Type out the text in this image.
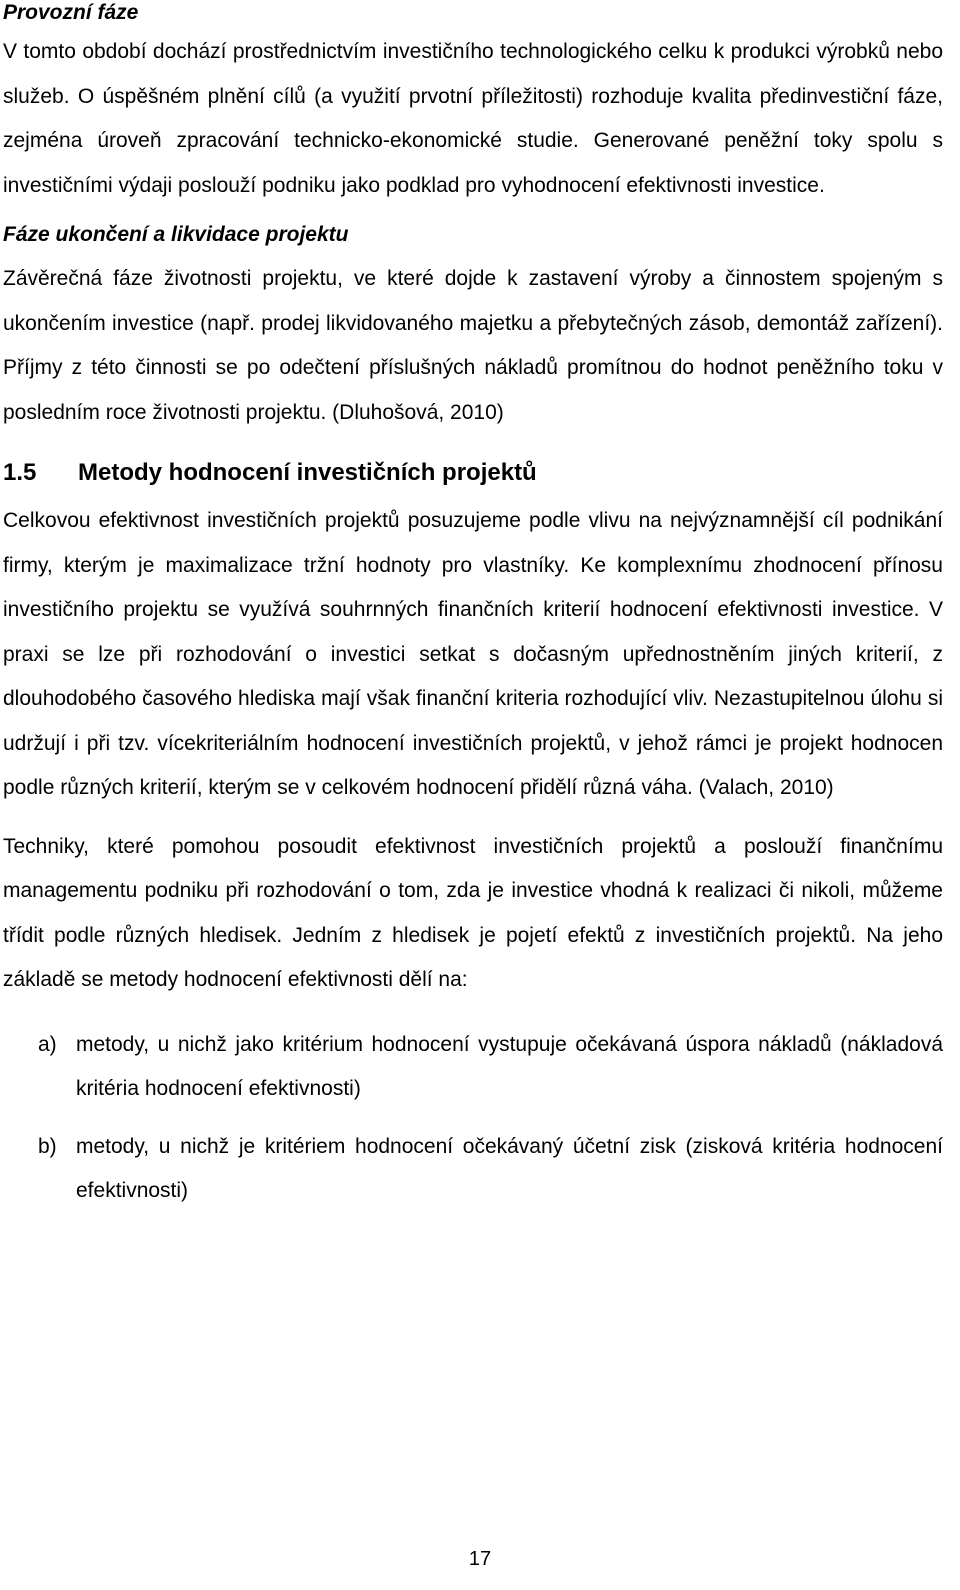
Provozní fáze

V tomto období dochází prostřednictvím investičního technologického celku k produkci výrobků nebo služeb. O úspěšném plnění cílů (a využití prvotní příležitosti) rozhoduje kvalita předinvestiční fáze, zejména úroveň zpracování technicko-ekonomické studie. Generované peněžní toky spolu s investičními výdaji poslouží podniku jako podklad pro vyhodnocení efektivnosti investice.

Fáze ukončení a likvidace projektu

Závěrečná fáze životnosti projektu, ve které dojde k zastavení výroby a činnostem spojeným s ukončením investice (např. prodej likvidovaného majetku a přebytečných zásob, demontáž zařízení). Příjmy z této činnosti se po odečtení příslušných nákladů promítnou do hodnot peněžního toku v posledním roce životnosti projektu. (Dluhošová, 2010)

1.5	Metody hodnocení investičních projektů

Celkovou efektivnost investičních projektů posuzujeme podle vlivu na nejvýznamnější cíl podnikání firmy, kterým je maximalizace tržní hodnoty pro vlastníky. Ke komplexnímu zhodnocení přínosu investičního projektu se využívá souhrnných finančních kriterií hodnocení efektivnosti investice. V praxi se lze při rozhodování o investici setkat s dočasným upřednostněním jiných kriterií, z dlouhodobého časového hlediska mají však finanční kriteria rozhodující vliv. Nezastupitelnou úlohu si udržují i při tzv. vícekriteriálním hodnocení investičních projektů, v jehož rámci je projekt hodnocen podle různých kriterií, kterým se v celkovém hodnocení přidělí různá váha. (Valach, 2010)

Techniky, které pomohou posoudit efektivnost investičních projektů a poslouží finančnímu managementu podniku při rozhodování o tom, zda je investice vhodná k realizaci či nikoli, můžeme třídit podle různých hledisek. Jedním z hledisek je pojetí efektů z investičních projektů. Na jeho základě se metody hodnocení efektivnosti dělí na:

a) metody, u nichž jako kritérium hodnocení vystupuje očekávaná úspora nákladů (nákladová kritéria hodnocení efektivnosti)
b) metody, u nichž je kritériem hodnocení očekávaný účetní zisk (zisková kritéria hodnocení efektivnosti)
17
